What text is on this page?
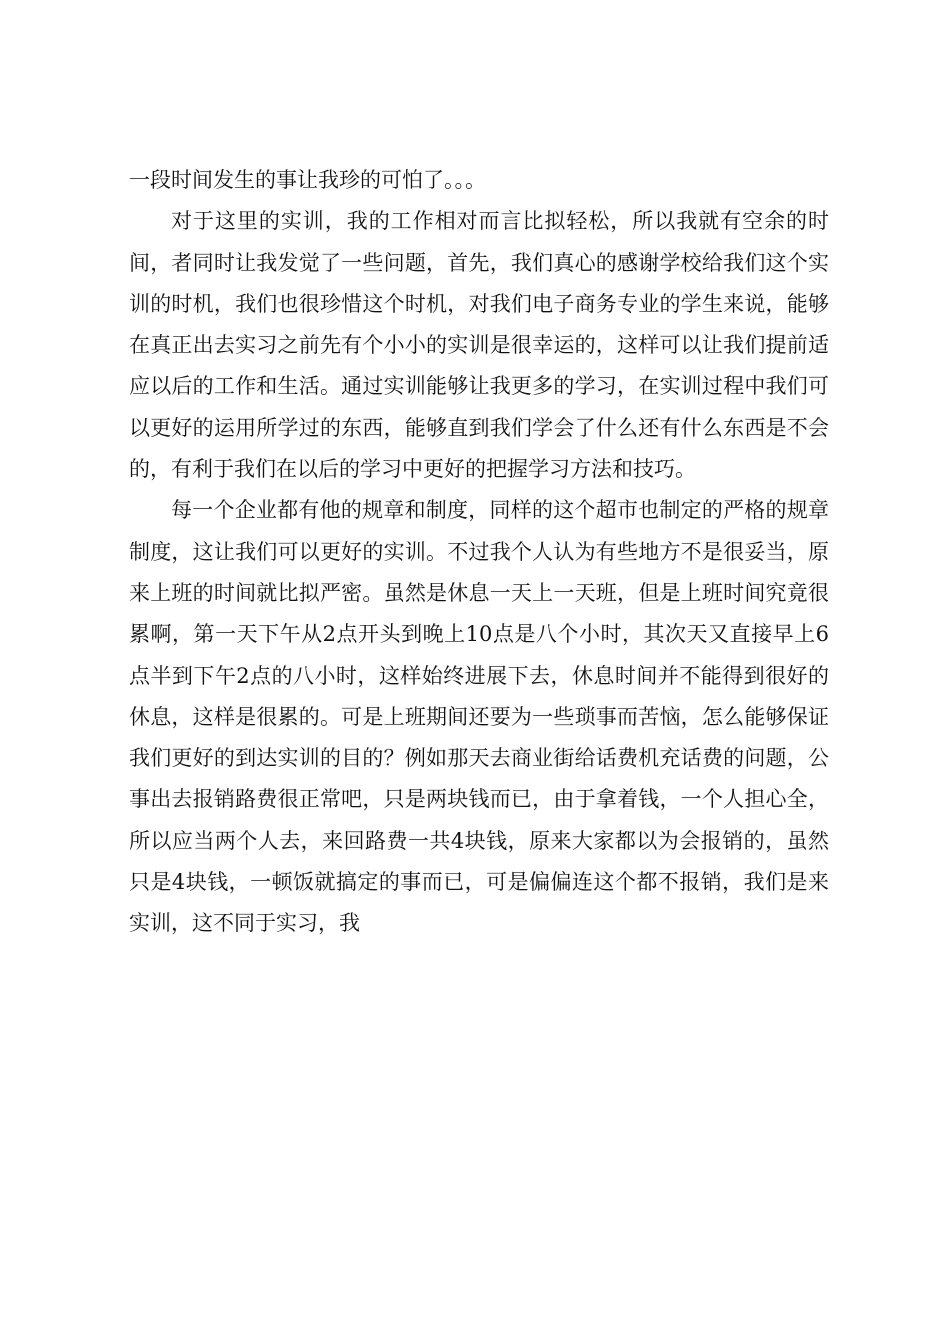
一段时间发生的事让我珍的可怕了。。。

对于这里的实训，我的工作相对而言比拟轻松，所以我就有空余的时间，者同时让我发觉了一些问题，首先，我们真心的感谢学校给我们这个实训的时机，我们也很珍惜这个时机，对我们电子商务专业的学生来说，能够在真正出去实习之前先有个小小的实训是很幸运的，这样可以让我们提前适应以后的工作和生活。通过实训能够让我更多的学习，在实训过程中我们可以更好的运用所学过的东西，能够直到我们学会了什么还有什么东西是不会的，有利于我们在以后的学习中更好的把握学习方法和技巧。

每一个企业都有他的规章和制度，同样的这个超市也制定的严格的规章制度，这让我们可以更好的实训。不过我个人认为有些地方不是很妥当，原来上班的时间就比拟严密。虽然是休息一天上一天班，但是上班时间究竟很累啊，第一天下午从2点开头到晚上10点是八个小时，其次天又直接早上6点半到下午2点的八小时，这样始终进展下去，休息时间并不能得到很好的休息，这样是很累的。可是上班期间还要为一些琐事而苦恼，怎么能够保证我们更好的到达实训的目的？例如那天去商业街给话费机充话费的问题，公事出去报销路费很正常吧，只是两块钱而已，由于拿着钱，一个人担心全，所以应当两个人去，来回路费一共4块钱，原来大家都以为会报销的，虽然只是4块钱，一顿饭就搞定的事而已，可是偏偏连这个都不报销，我们是来实训，这不同于实习，我
